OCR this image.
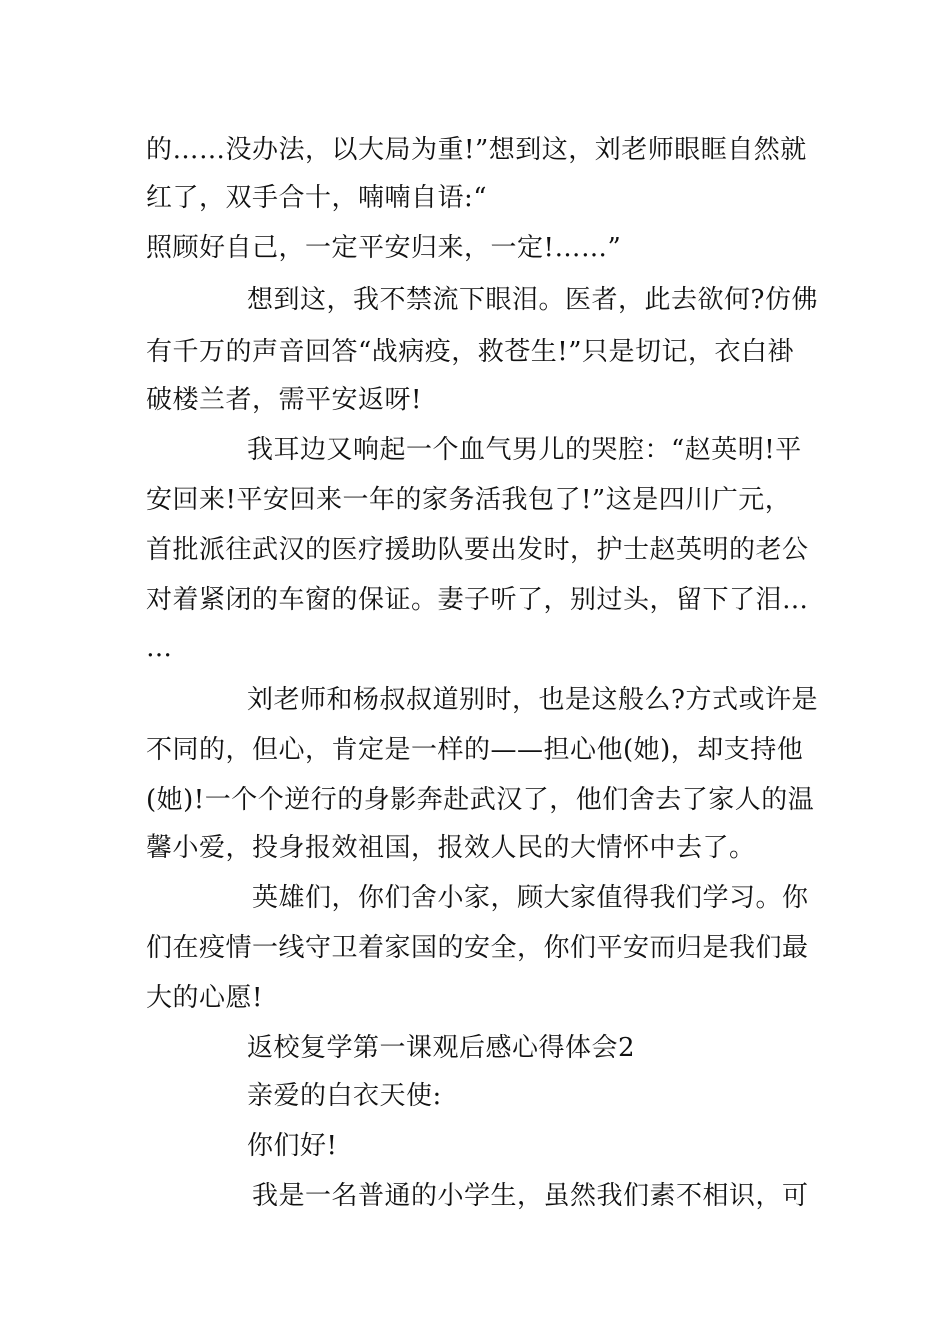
的……没办法，以大局为重!”想到这，刘老师眼眶自然就
红了，双手合十，喃喃自语:“
照顾好自己，一定平安归来，一定!……”
想到这，我不禁流下眼泪。医者，此去欲何?仿佛
有千万的声音回答“战病疫，救苍生!”只是切记，衣白褂
破楼兰者，需平安返呀!
我耳边又响起一个血气男儿的哭腔：“赵英明!平
安回来!平安回来一年的家务活我包了!”这是四川广元，
首批派往武汉的医疗援助队要出发时，护士赵英明的老公
对着紧闭的车窗的保证。妻子听了，别过头，留下了泪…
…
刘老师和杨叔叔道别时，也是这般么?方式或许是
不同的，但心，肯定是一样的——担心他(她)，却支持他
(她)!一个个逆行的身影奔赴武汉了，他们舍去了家人的温
馨小爱，投身报效祖国，报效人民的大情怀中去了。
英雄们，你们舍小家，顾大家值得我们学习。你
们在疫情一线守卫着家国的安全，你们平安而归是我们最
大的心愿!
返校复学第一课观后感心得体会2
亲爱的白衣天使:
你们好!
我是一名普通的小学生，虽然我们素不相识，可
